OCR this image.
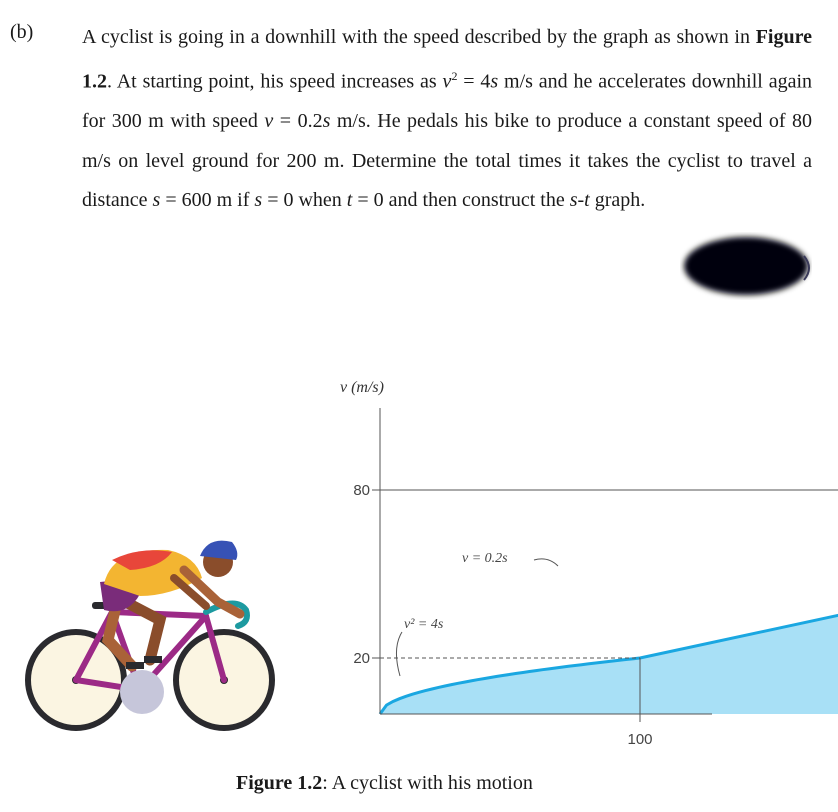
(b) A cyclist is going in a downhill with the speed described by the graph as shown in Figure 1.2. At starting point, his speed increases as $v^2 = 4s$ m/s and he accelerates downhill again for 300 m with speed v = 0.2s m/s. He pedals his bike to produce a constant speed of 80 m/s on level ground for 200 m. Determine the total times it takes the cyclist to travel a distance s = 600 m if s = 0 when t = 0 and then construct the s-t graph.
v (m/s)
80
20
100
v² = 4s
v = 0.2s
Figure 1.2: A cyclist with his motion
